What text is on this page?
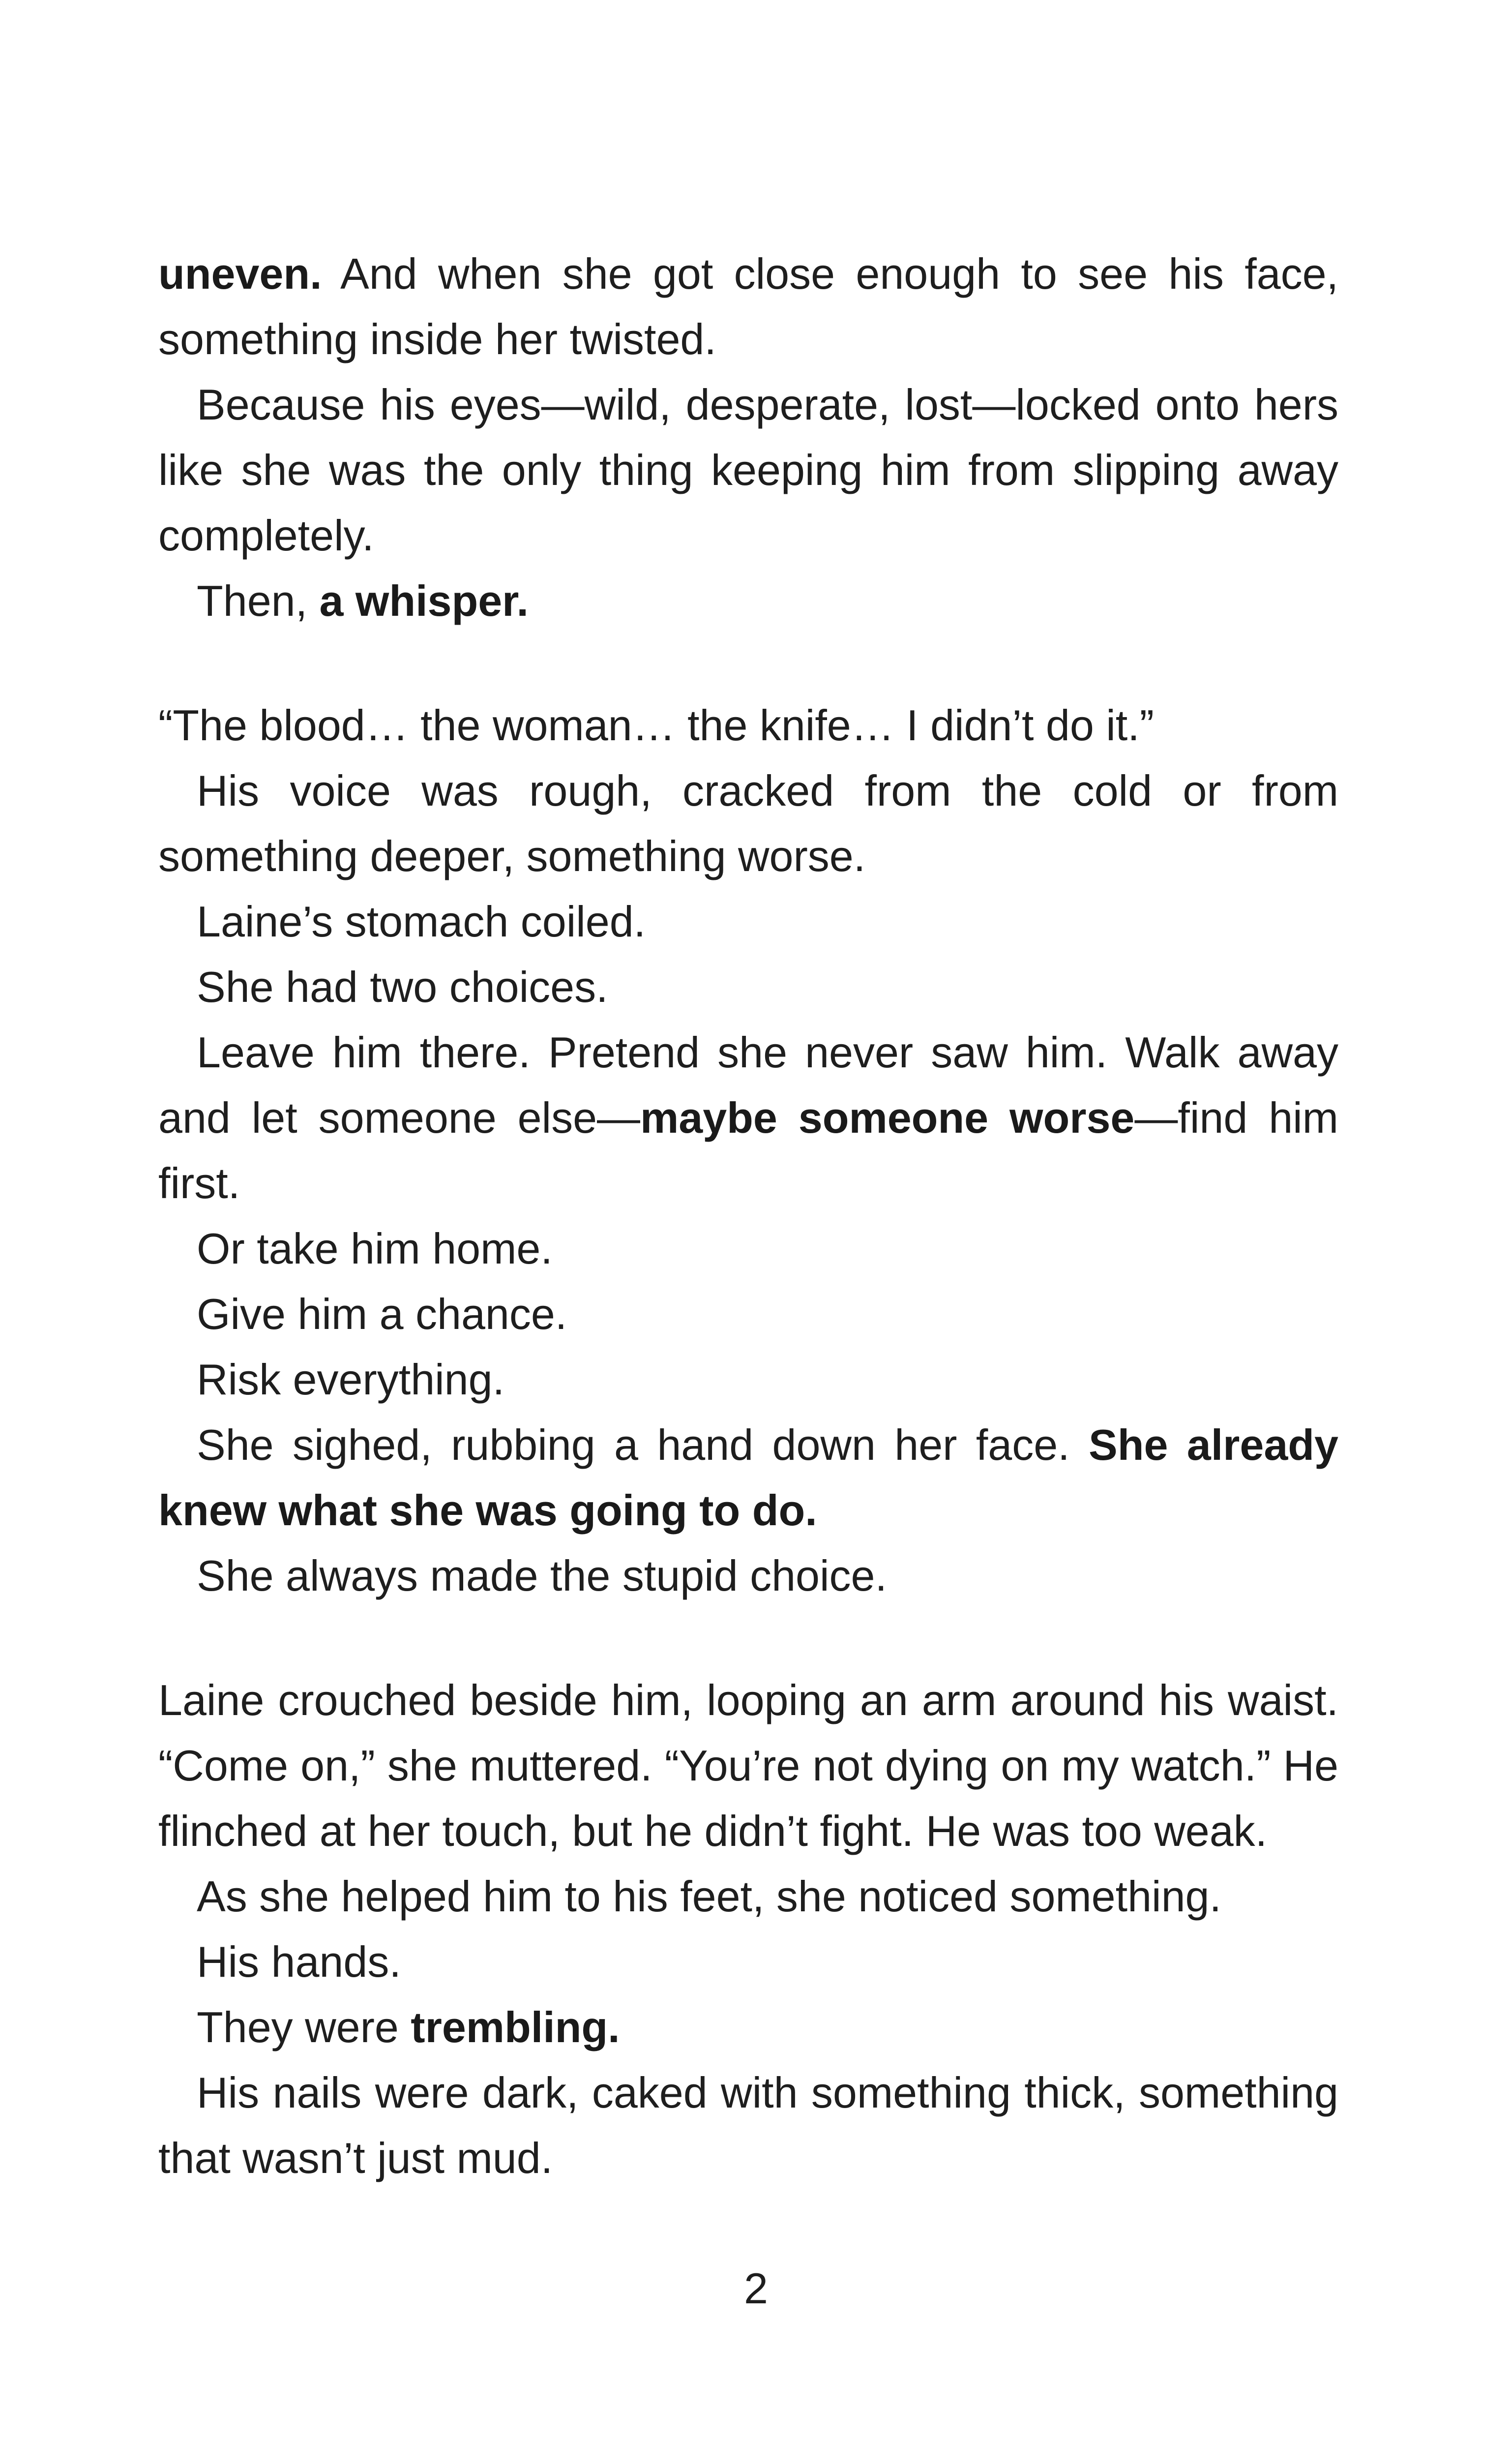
uneven. And when she got close enough to see his face, something inside her twisted.

Because his eyes—wild, desperate, lost—locked onto hers like she was the only thing keeping him from slipping away completely.

Then, a whisper.

“The blood… the woman… the knife… I didn’t do it.”

His voice was rough, cracked from the cold or from something deeper, something worse.

Laine’s stomach coiled.

She had two choices.

Leave him there. Pretend she never saw him. Walk away and let someone else—maybe someone worse—find him first.

Or take him home.

Give him a chance.

Risk everything.

She sighed, rubbing a hand down her face. She already knew what she was going to do.

She always made the stupid choice.

Laine crouched beside him, looping an arm around his waist. “Come on,” she muttered. “You’re not dying on my watch.” He flinched at her touch, but he didn’t fight. He was too weak.

As she helped him to his feet, she noticed something.

His hands.

They were trembling.

His nails were dark, caked with something thick, something that wasn’t just mud.

2
